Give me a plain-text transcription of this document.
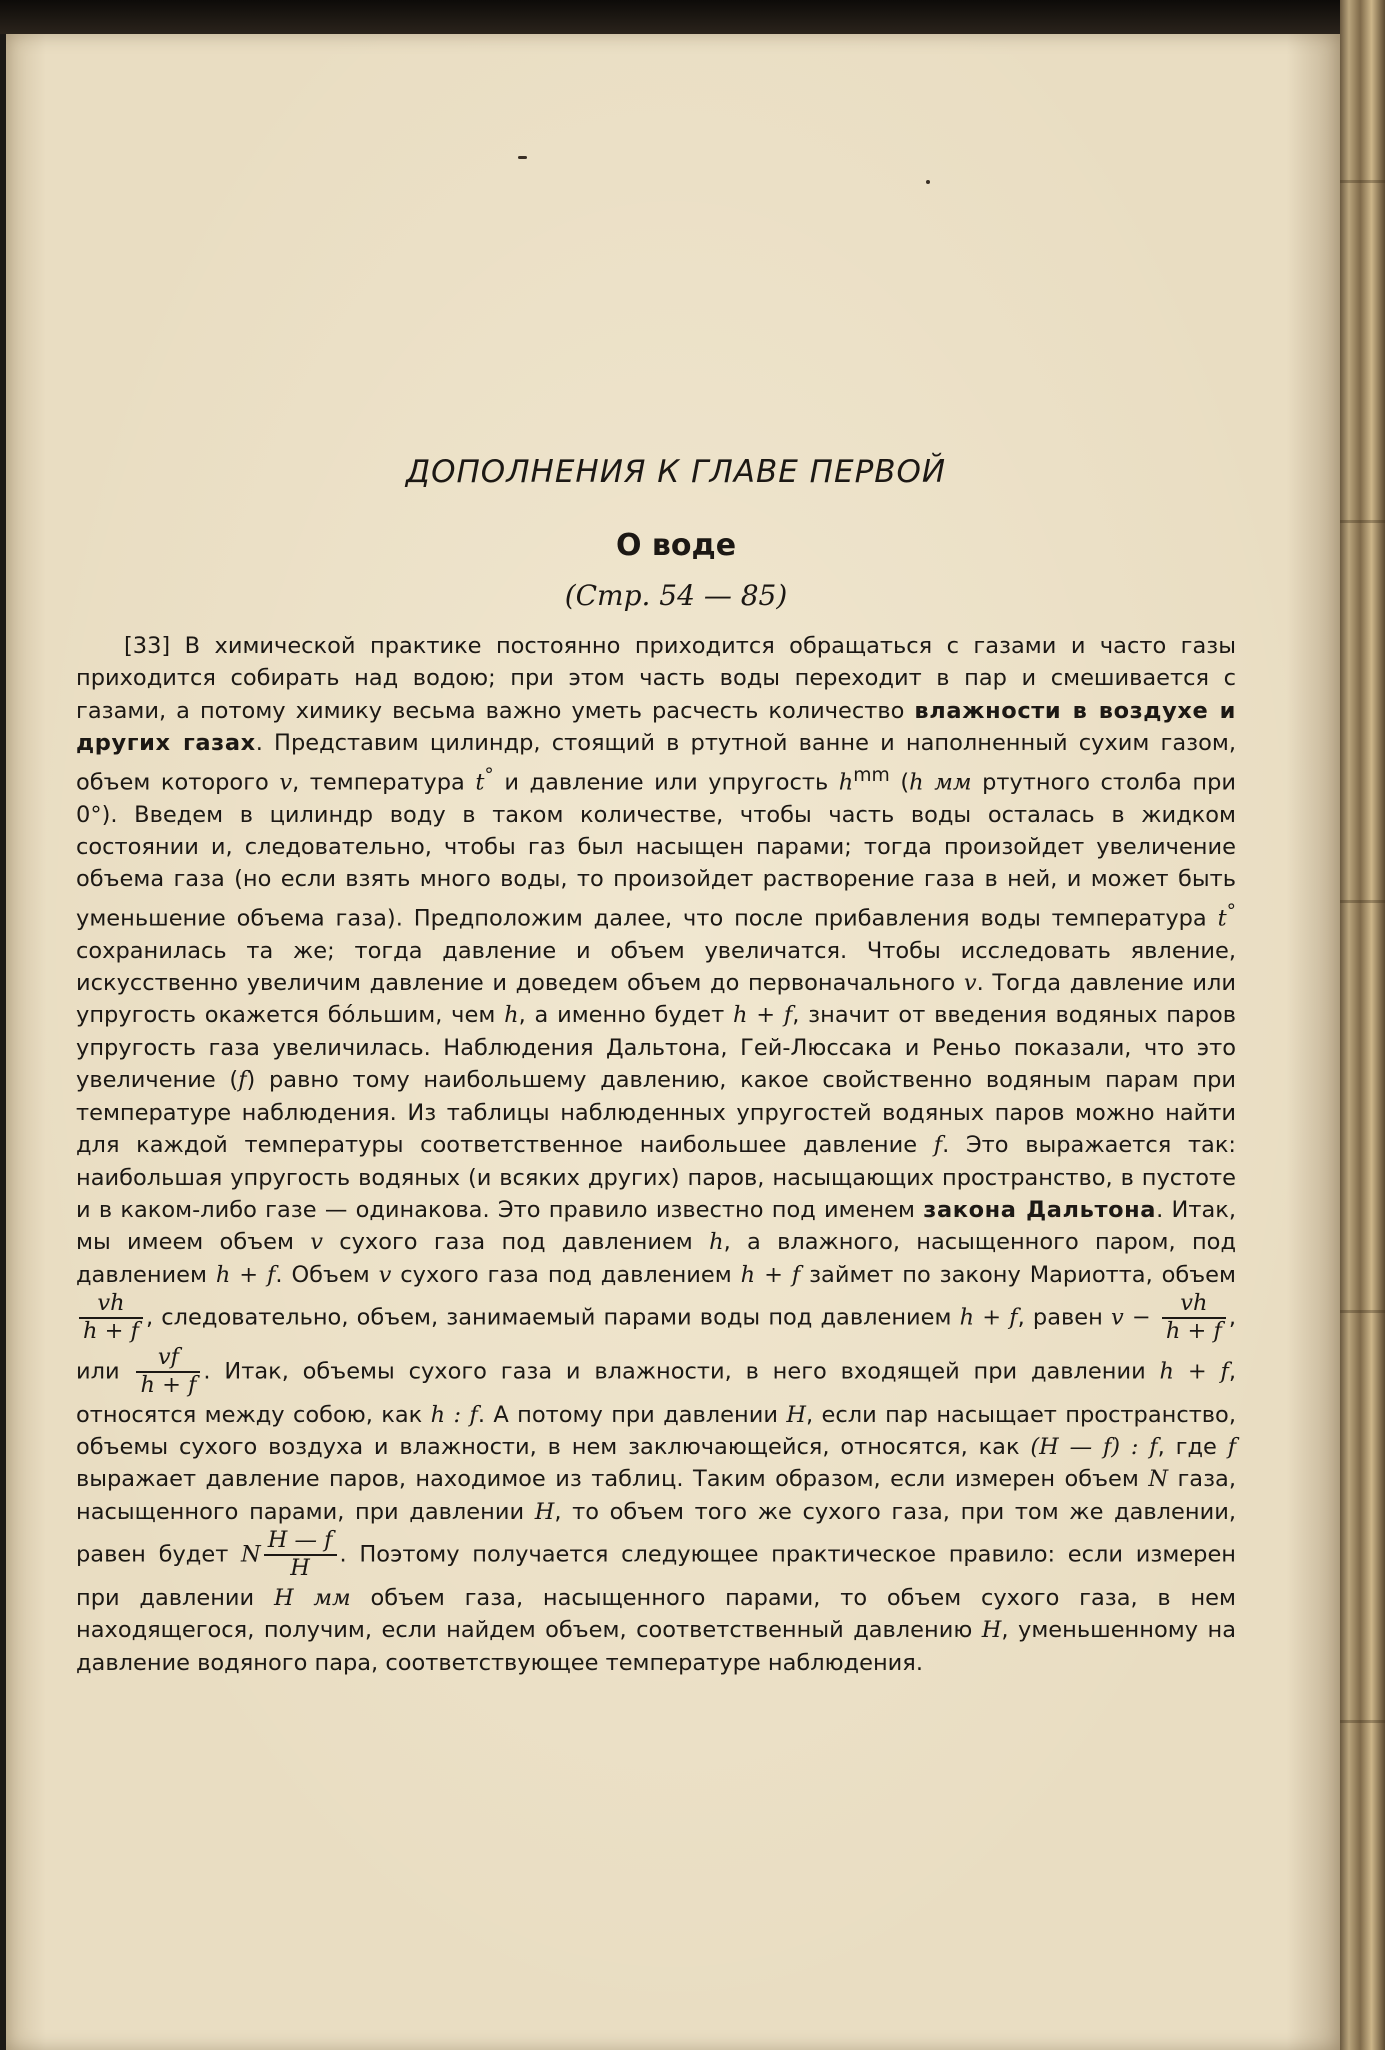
ДОПОЛНЕНИЯ К ГЛАВЕ ПЕРВОЙ
О воде
(Стр. 54 — 85)

[33] В химической практике постоянно приходится обращаться с газами и часто газы приходится собирать над водою; при этом часть воды переходит в пар и смешивается с газами, а потому химику весьма важно уметь расчесть количество влажности в воздухе и других газах. Представим цилиндр, стоящий в ртутной ванне и наполненный сухим газом, объем которого v, температура t° и давление или упругость $h^{mm}$ (h мм ртутного столба при 0°). Введем в цилиндр воду в таком количестве, чтобы часть воды осталась в жидком состоянии и, следовательно, чтобы газ был насыщен парами; тогда произойдет увеличение объема газа (но если взять много воды, то произойдет растворение газа в ней, и может быть уменьшение объема газа). Предположим далее, что после прибавления воды температура t° сохранилась та же; тогда давление и объем увеличатся. Чтобы исследовать явление, искусственно увеличим давление и доведем объем до первоначального v. Тогда давление или упругость окажется бо́льшим, чем h, а именно будет h + f, значит от введения водяных паров упругость газа увеличилась. Наблюдения Дальтона, Гей-Люссака и Реньо показали, что это увеличение (f) равно тому наибольшему давлению, какое свойственно водяным парам при температуре наблюдения. Из таблицы наблюденных упругостей водяных паров можно найти для каждой температуры соответственное наибольшее давление f. Это выражается так: наибольшая упругость водяных (и всяких других) паров, насыщающих пространство, в пустоте и в каком-либо газе — одинакова. Это правило известно под именем закона Дальтона. Итак, мы имеем объем v сухого газа под давлением h, а влажного, насыщенного паром, под давлением h + f. Объем v сухого газа под давлением h + f займет по закону Мариотта, объем
$\frac{vh}{h + f}$ , следовательно, объем, занимаемый парами воды под давлением h + f, равен $v - \frac{vh}{h + f}$ , или $\frac{vf}{h + f}$ . Итак, объемы сухого газа и влажности, в него входящей при давлении h + f, относятся между собою, как h : f. А потому при давлении H, если пар насыщает пространство, объемы сухого воздуха и влажности, в нем заключающейся, относятся, как (H — f) : f, где f выражает давление паров, находимое из таблиц. Таким образом, если измерен объем N газа, насыщенного парами, при давлении H, то объем того же сухого газа, при том же давлении, равен будет N $\frac{H — f}{H}$ . Поэтому получается следующее практическое правило: если измерен при давлении H мм объем газа, насыщенного парами, то объем сухого газа, в нем находящегося, получим, если найдем объем, соответственный давлению H, уменьшенному на давление водяного пара, соответствующее температуре наблюдения.
